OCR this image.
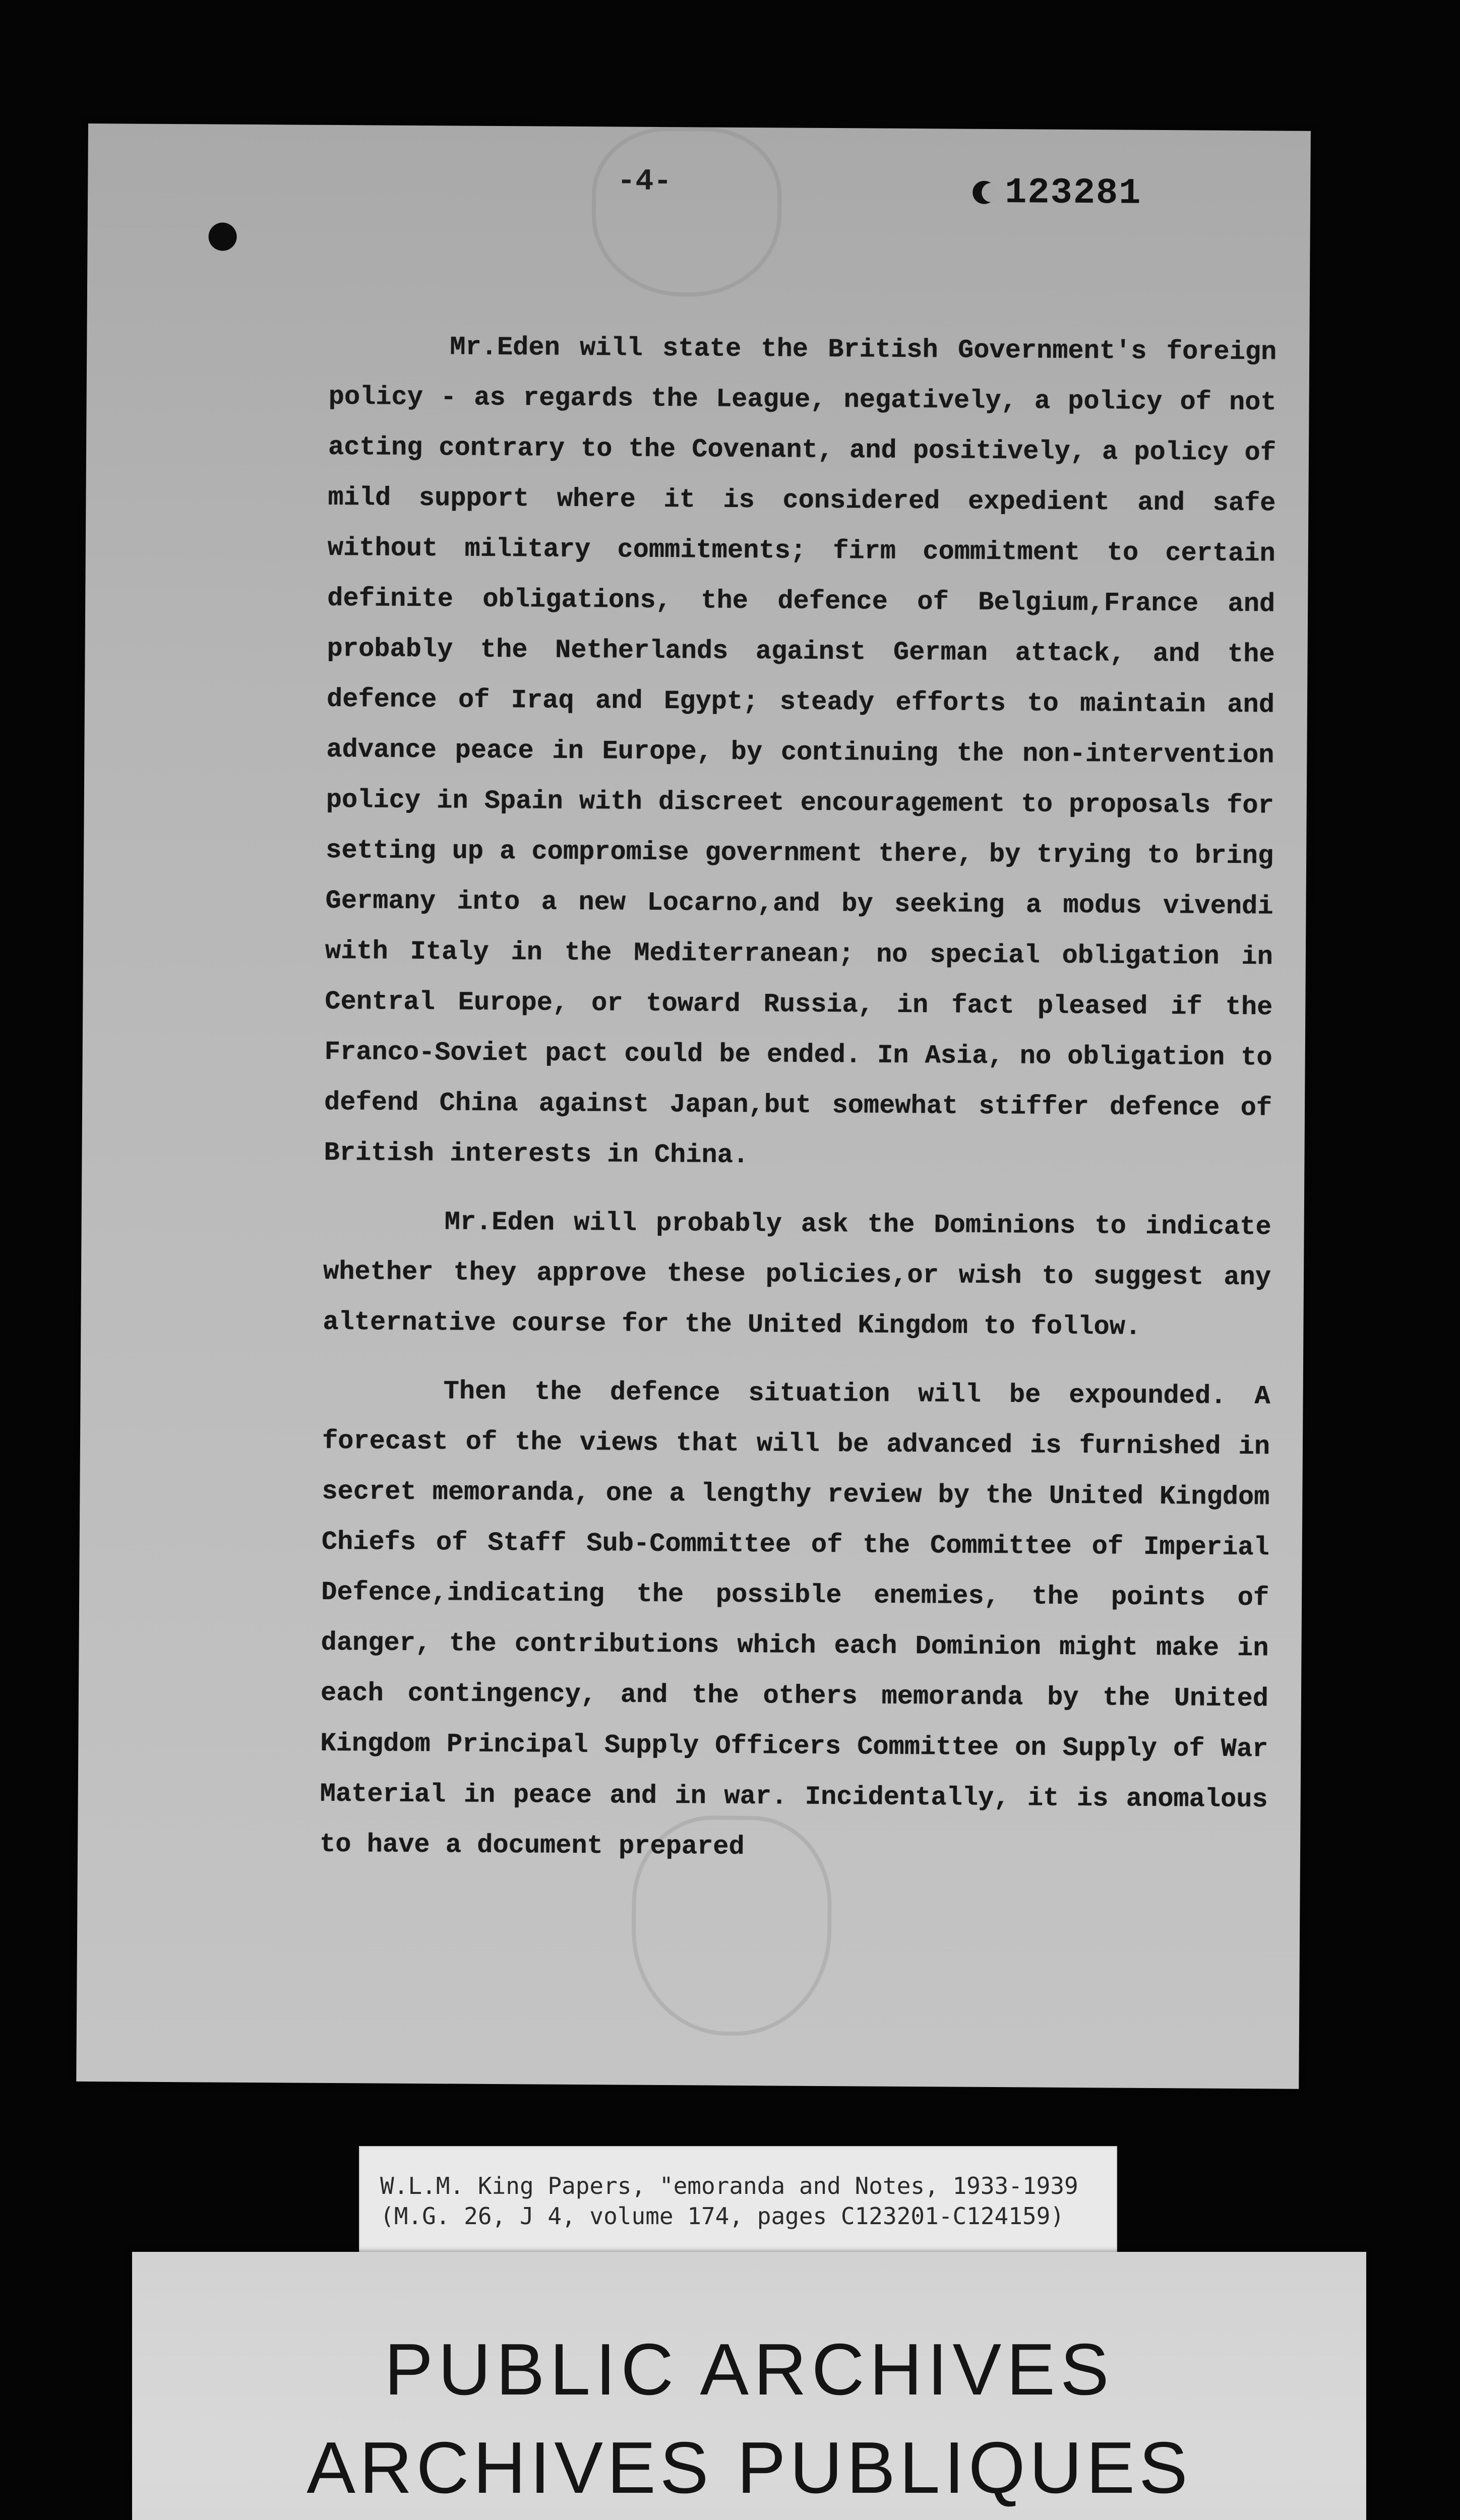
-4-	123281

Mr.Eden will state the British Government's foreign policy - as regards the League, negatively, a policy of not acting contrary to the Covenant, and positively, a policy of mild support where it is considered expedient and safe without military commitments; firm commitment to certain definite obligations, the defence of Belgium,France and probably the Netherlands against German attack, and the defence of Iraq and Egypt; steady efforts to maintain and advance peace in Europe, by continuing the non-intervention policy in Spain with discreet encouragement to proposals for setting up a compromise government there, by trying to bring Germany into a new Locarno,and by seeking a modus vivendi with Italy in the Mediterranean; no special obligation in Central Europe, or toward Russia, in fact pleased if the Franco-Soviet pact could be ended. In Asia, no obligation to defend China against Japan,but somewhat stiffer defence of British interests in China.

Mr.Eden will probably ask the Dominions to indicate whether they approve these policies,or wish to suggest any alternative course for the United Kingdom to follow.

Then the defence situation will be expounded. A forecast of the views that will be advanced is furnished in secret memoranda, one a lengthy review by the United Kingdom Chiefs of Staff Sub-Committee of the Committee of Imperial Defence,indicating the possible enemies, the points of danger, the contributions which each Dominion might make in each contingency, and the others memoranda by the United Kingdom Principal Supply Officers Committee on Supply of War Material in peace and in war. Incidentally, it is anomalous to have a document prepared

W.L.M. King Papers, "emoranda and Notes, 1933-1939
(M.G. 26, J 4, volume 174, pages C123201-C124159)
PUBLIC ARCHIVES
ARCHIVES PUBLIQUES
